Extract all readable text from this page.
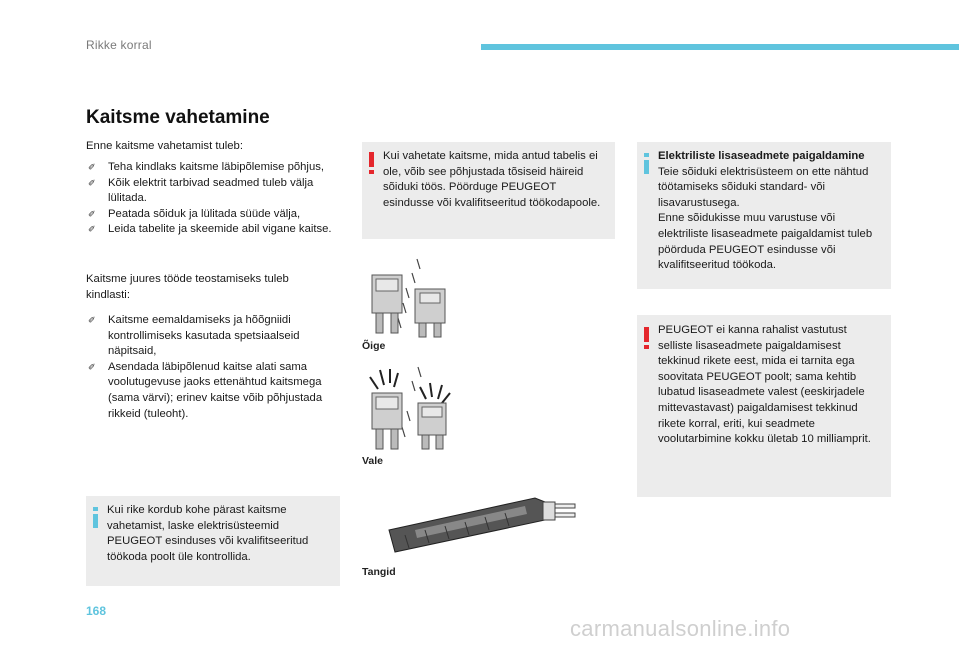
Rikke korral
Kaitsme vahetamine
Enne kaitsme vahetamist tuleb:
✐ Teha kindlaks kaitsme läbipõlemise põhjus,
✐ Kõik elektrit tarbivad seadmed tuleb välja lülitada.
✐ Peatada sõiduk ja lülitada süüde välja,
✐ Leida tabelite ja skeemide abil vigane kaitse.
Kaitsme juures tööde teostamiseks tuleb kindlasti:
✐ Kaitsme eemaldamiseks ja hõõgniidi kontrollimiseks kasutada spetsiaalseid näpitsaid,
✐ Asendada läbipõlenud kaitse alati sama voolutugevuse jaoks ettenähtud kaitsmega (sama värvi); erinev kaitse võib põhjustada rikkeid (tuleoht).
Kui rike kordub kohe pärast kaitsme vahetamist, laske elektrisüsteemid PEUGEOT esinduses või kvalifitseeritud töökoda poolt üle kontrollida.
Kui vahetate kaitsme, mida antud tabelis ei ole, võib see põhjustada tõsiseid häireid sõiduki töös. Pöörduge PEUGEOT esindusse või kvalifitseeritud töökodapoole.
Õige
Vale
Tangid
Elektriliste lisaseadmete paigaldamine
Teie sõiduki elektrisüsteem on ette nähtud töötamiseks sõiduki standard- või lisavarustusega.
Enne sõidukisse muu varustuse või elektriliste lisaseadmete paigaldamist tuleb pöörduda PEUGEOT esindusse või kvalifitseeritud töökoda.
PEUGEOT ei kanna rahalist vastutust selliste lisaseadmete paigaldamisest tekkinud rikete eest, mida ei tarnita ega soovitata PEUGEOT poolt; sama kehtib lubatud lisaseadmete valest (eeskirjadele mittevastavast) paigaldamisest tekkinud rikete korral, eriti, kui seadmete voolutarbimine kokku ületab 10 milliamprit.
168
carmanualsonline.info
